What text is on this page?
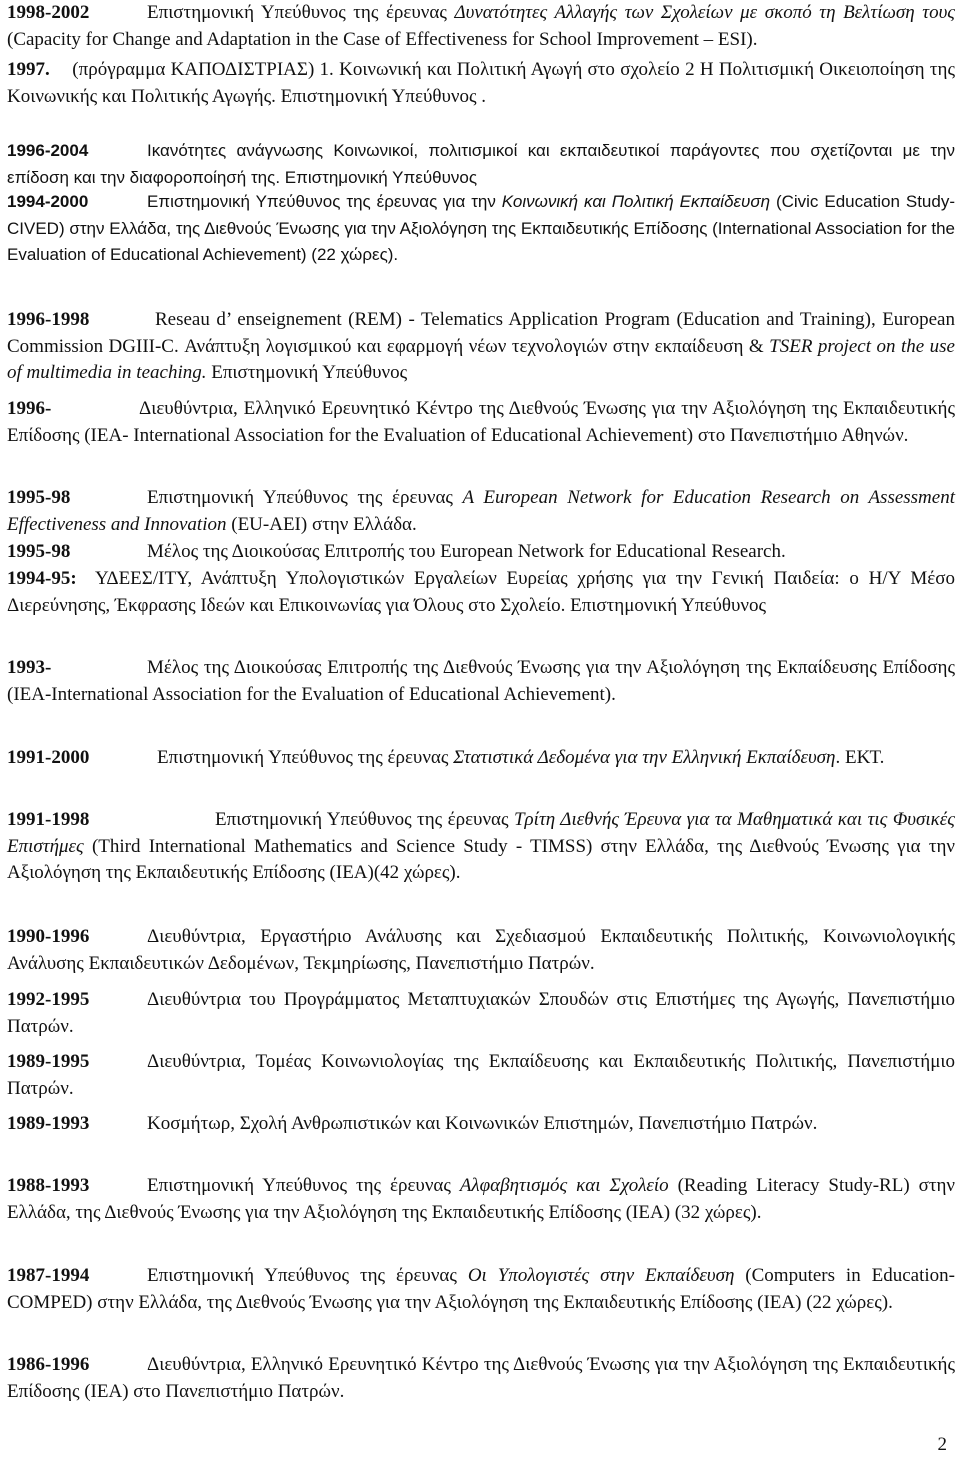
1998-2002	Επιστημονική Υπεύθυνος της έρευνας Δυνατότητες Αλλαγής των Σχολείων με σκοπό τη Βελτίωση τους (Capacity for Change and Adaptation in the Case of Effectiveness for School Improvement – ESI).
1997. (πρόγραμμα ΚΑΠΟΔΙΣΤΡΙΑΣ) 1. Κοινωνική και Πολιτική Αγωγή στο σχολείο 2 Η Πολιτισμική Οικειοποίηση της Κοινωνικής και Πολιτικής Αγωγής. Επιστημονική Υπεύθυνος .
1996-2004	Ικανότητες ανάγνωσης Κοινωνικοί, πολιτισμικοί και εκπαιδευτικοί παράγοντες που σχετίζονται με την επίδοση και την διαφοροποίησή της. Επιστημονική Υπεύθυνος
1994-2000	Επιστημονική Υπεύθυνος της έρευνας για την Κοινωνική και Πολιτική Εκπαίδευση (Civic Education Study-CIVED) στην Ελλάδα, της Διεθνούς Ένωσης για την Αξιολόγηση της Εκπαιδευτικής Επίδοσης (International Association for the Evaluation of Educational Achievement) (22 χώρες).
1996-1998	Reseau d’ enseignement (REM) - Telematics Application Program (Education and Training), European Commission DGIII-C. Ανάπτυξη λογισμικού και εφαρμογή νέων τεχνολογιών στην εκπαίδευση & TSER project on the use of multimedia in teaching. Επιστημονική Υπεύθυνος
1996-	Διευθύντρια, Ελληνικό Ερευνητικό Κέντρο της Διεθνούς Ένωσης για την Αξιολόγηση της Εκπαιδευτικής Επίδοσης (IEA- International Association for the Evaluation of Educational Achievement) στο Πανεπιστήμιο Αθηνών.
1995-98	Επιστημονική Υπεύθυνος της έρευνας A European Network for Education Research on Assessment Effectiveness and Innovation (EU-AEI) στην Ελλάδα.
1995-98	Μέλος της Διοικούσας Επιτροπής του European Network for Educational Research.
1994-95: ΥΔΕΕΣ/ΙΤΥ, Ανάπτυξη Υπολογιστικών Εργαλείων Ευρείας χρήσης για την Γενική Παιδεία: ο Η/Υ Μέσο Διερεύνησης, Έκφρασης Ιδεών και Επικοινωνίας για Όλους στο Σχολείο. Επιστημονική Υπεύθυνος
1993-	Μέλος της Διοικούσας Επιτροπής της Διεθνούς Ένωσης για την Αξιολόγηση της Εκπαίδευσης Επίδοσης (IEA-International Association for the Evaluation of Educational Achievement).
1991-2000	Επιστημονική Υπεύθυνος της έρευνας Στατιστικά Δεδομένα για την Ελληνική Εκπαίδευση. ΕΚΤ.
1991-1998	Επιστημονική Υπεύθυνος της έρευνας Τρίτη Διεθνής Έρευνα για τα Μαθηματικά και τις Φυσικές Επιστήμες (Third International Mathematics and Science Study - TIMSS) στην Ελλάδα, της Διεθνούς Ένωσης για την Αξιολόγηση της Εκπαιδευτικής Επίδοσης (IEA)(42 χώρες).
1990-1996	Διευθύντρια, Εργαστήριο Ανάλυσης και Σχεδιασμού Εκπαιδευτικής Πολιτικής, Κοινωνιολογικής Ανάλυσης Εκπαιδευτικών Δεδομένων, Τεκμηρίωσης, Πανεπιστήμιο Πατρών.
1992-1995	Διευθύντρια του Προγράμματος Μεταπτυχιακών Σπουδών στις Επιστήμες της Αγωγής, Πανεπιστήμιο Πατρών.
1989-1995	Διευθύντρια, Τομέας Κοινωνιολογίας της Εκπαίδευσης και Εκπαιδευτικής Πολιτικής, Πανεπιστήμιο Πατρών.
1989-1993	Κοσμήτωρ, Σχολή Ανθρωπιστικών και Κοινωνικών Επιστημών, Πανεπιστήμιο Πατρών.
1988-1993	Επιστημονική Υπεύθυνος της έρευνας Αλφαβητισμός και Σχολείο (Reading Literacy Study-RL) στην Ελλάδα, της Διεθνούς Ένωσης για την Αξιολόγηση της Εκπαιδευτικής Επίδοσης (IEA) (32 χώρες).
1987-1994	Επιστημονική Υπεύθυνος της έρευνας Οι Υπολογιστές στην Εκπαίδευση (Computers in Education-COMPED) στην Ελλάδα, της Διεθνούς Ένωσης για την Αξιολόγηση της Εκπαιδευτικής Επίδοσης (IEA) (22 χώρες).
1986-1996	Διευθύντρια, Ελληνικό Ερευνητικό Κέντρο της Διεθνούς Ένωσης για την Αξιολόγηση της Εκπαιδευτικής Επίδοσης (IEA) στο Πανεπιστήμιο Πατρών.
2
